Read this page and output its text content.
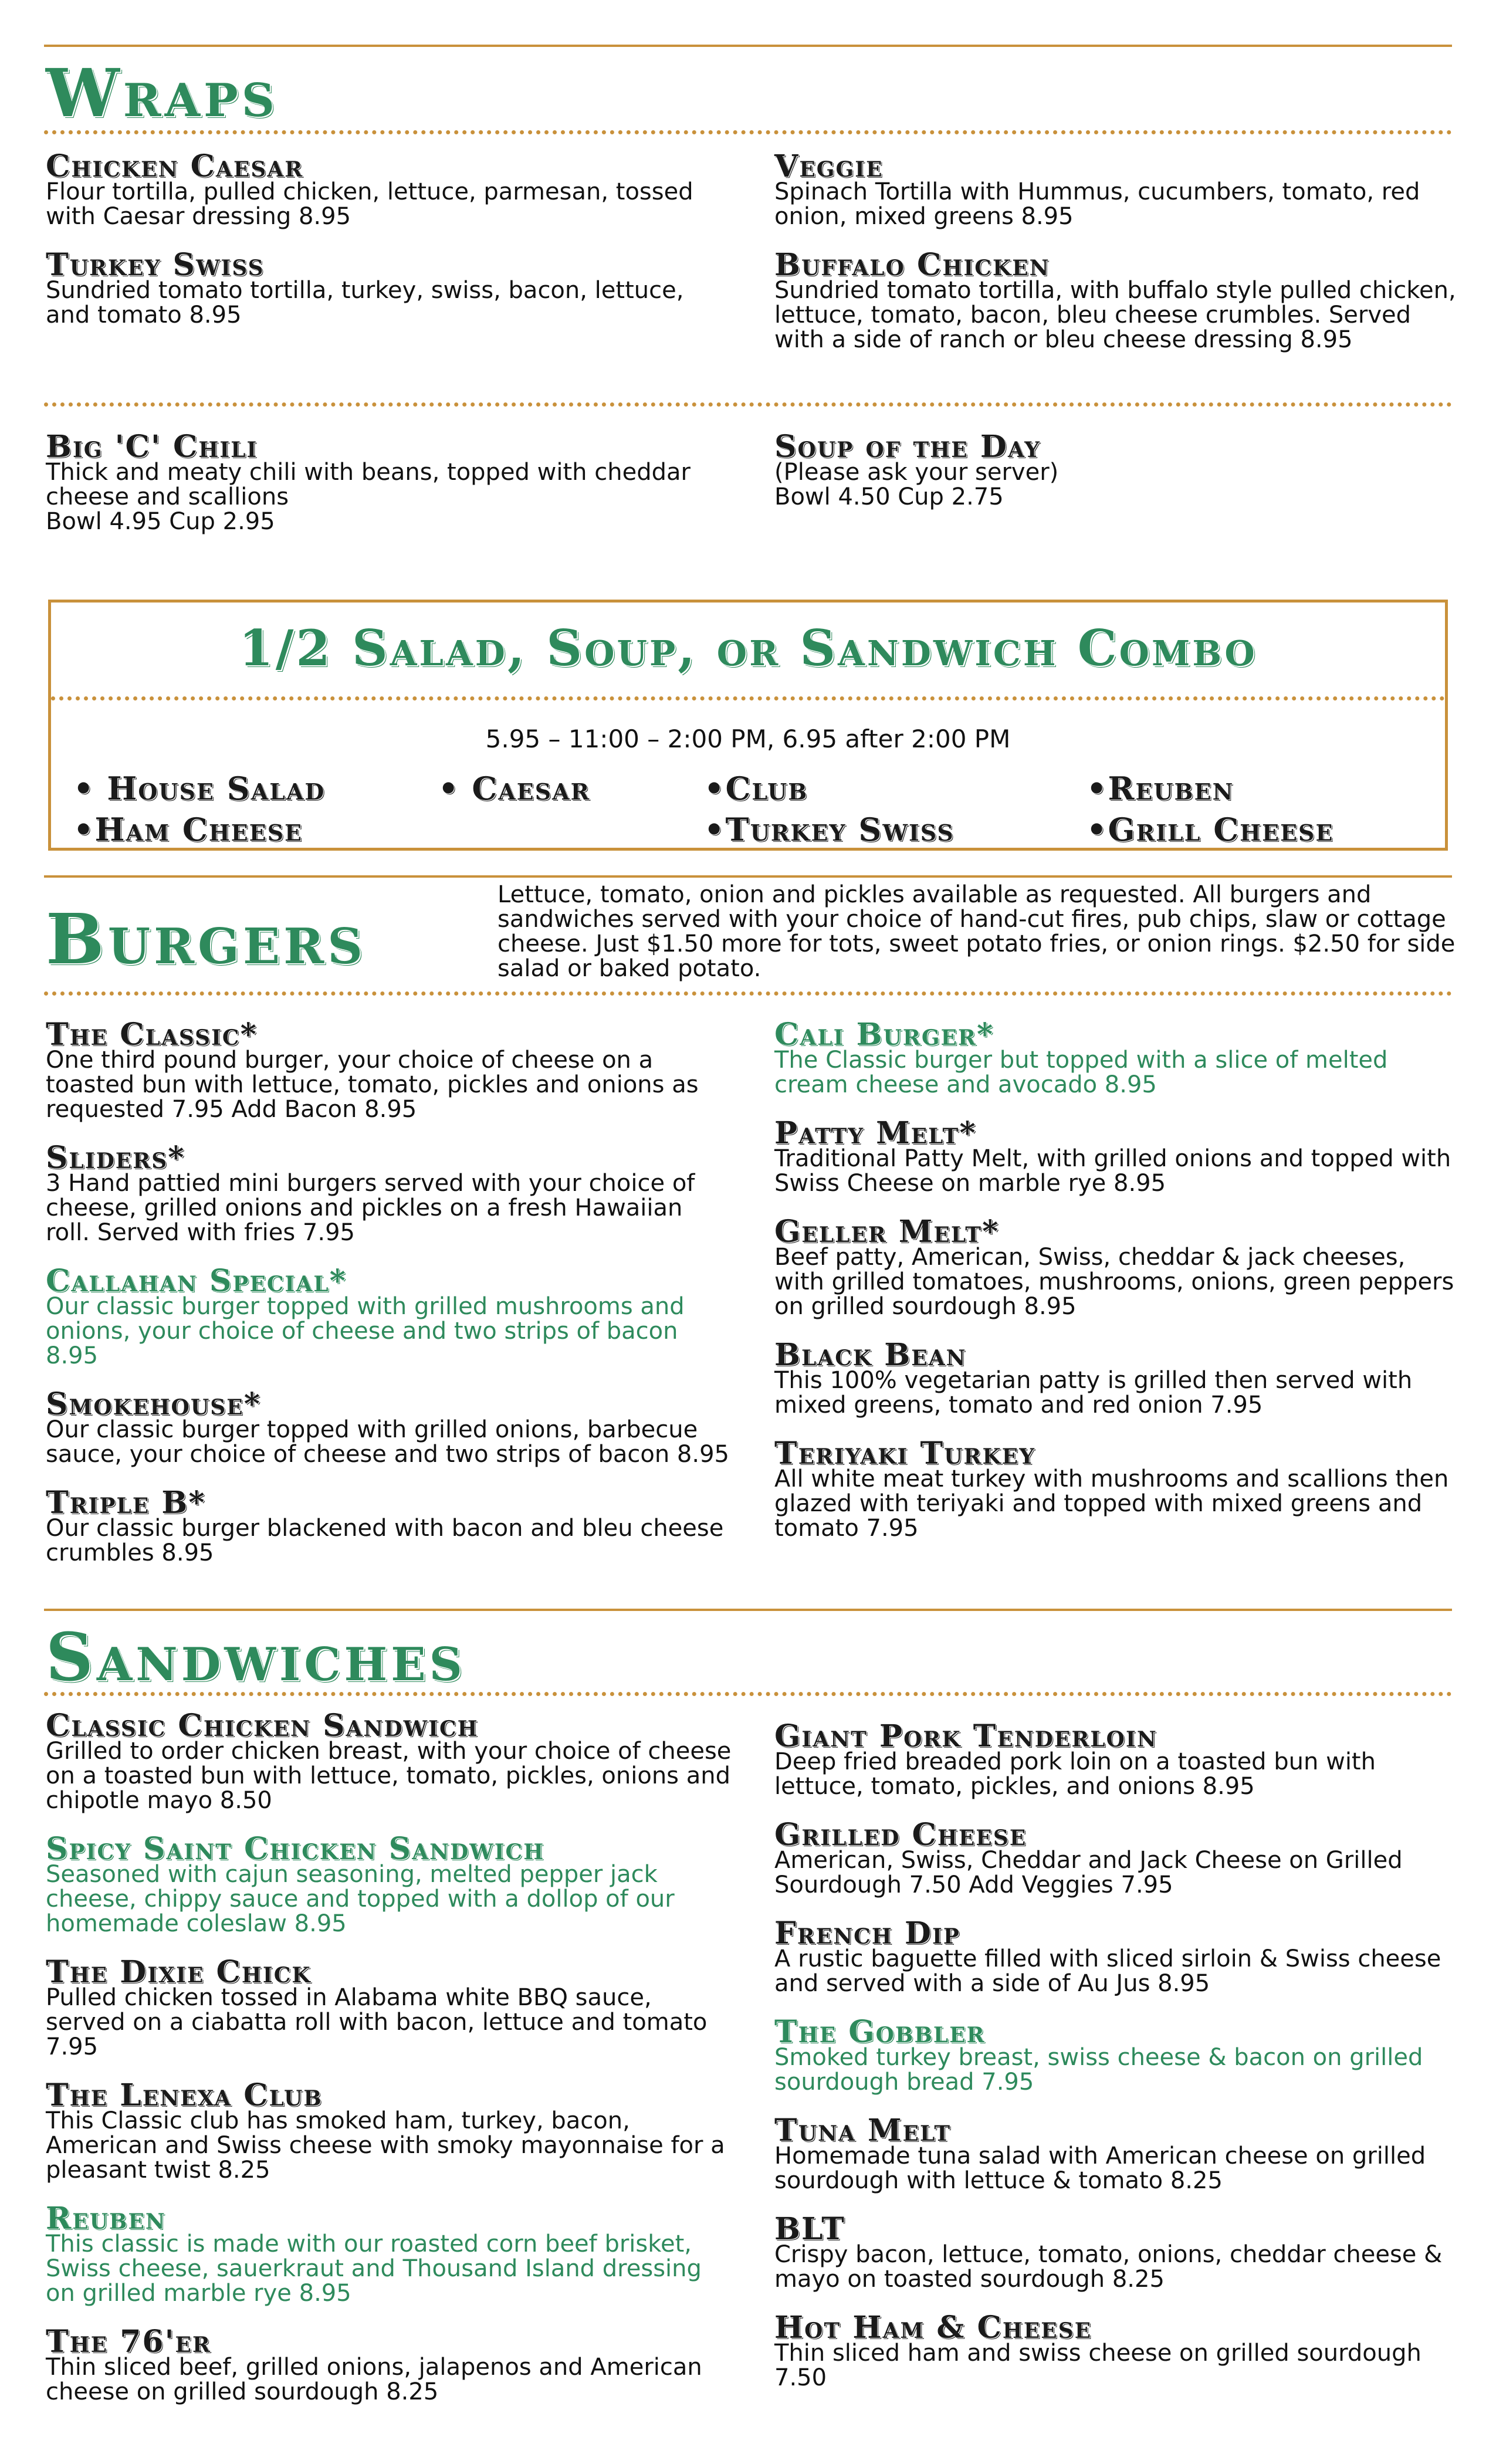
Wraps
Chicken Caesar
Flour tortilla, pulled chicken, lettuce, parmesan, tossed with Caesar dressing 8.95
Turkey Swiss
Sundried tomato tortilla, turkey, swiss, bacon, lettuce, and tomato 8.95
Veggie
Spinach Tortilla with Hummus, cucumbers, tomato, red onion, mixed greens 8.95
Buffalo Chicken
Sundried tomato tortilla, with buffalo style pulled chicken, lettuce, tomato, bacon, bleu cheese crumbles. Served with a side of ranch or bleu cheese dressing 8.95
Big 'C' Chili
Thick and meaty chili with beans, topped with cheddar cheese and scallions
Bowl 4.95 Cup 2.95
Soup of the Day
(Please ask your server)
Bowl 4.50 Cup 2.75
1/2 Salad, Soup, or Sandwich Combo
5.95 – 11:00 – 2:00 PM, 6.95 after 2:00 PM
• House Salad	• Caesar	•Club	•Reuben
•Ham Cheese	•Turkey Swiss	•Grill Cheese
Burgers
Lettuce, tomato, onion and pickles available as requested. All burgers and sandwiches served with your choice of hand-cut fires, pub chips, slaw or cottage cheese. Just $1.50 more for tots, sweet potato fries, or onion rings. $2.50 for side salad or baked potato.
The Classic*
One third pound burger, your choice of cheese on a toasted bun with lettuce, tomato, pickles and onions as requested 7.95 Add Bacon 8.95
Sliders*
3 Hand pattied mini burgers served with your choice of cheese, grilled onions and pickles on a fresh Hawaiian roll. Served with fries 7.95
Callahan Special*
Our classic burger topped with grilled mushrooms and onions, your choice of cheese and two strips of bacon 8.95
Smokehouse*
Our classic burger topped with grilled onions, barbecue sauce, your choice of cheese and two strips of bacon 8.95
Triple B*
Our classic burger blackened with bacon and bleu cheese crumbles 8.95
Cali Burger*
The Classic burger but topped with a slice of melted cream cheese and avocado 8.95
Patty Melt*
Traditional Patty Melt, with grilled onions and topped with Swiss Cheese on marble rye 8.95
Geller Melt*
Beef patty, American, Swiss, cheddar & jack cheeses, with grilled tomatoes, mushrooms, onions, green peppers on grilled sourdough 8.95
Black Bean
This 100% vegetarian patty is grilled then served with mixed greens, tomato and red onion 7.95
Teriyaki Turkey
All white meat turkey with mushrooms and scallions then glazed with teriyaki and topped with mixed greens and tomato 7.95
Sandwiches
Classic Chicken Sandwich
Grilled to order chicken breast, with your choice of cheese on a toasted bun with lettuce, tomato, pickles, onions and chipotle mayo 8.50
Spicy Saint Chicken Sandwich
Seasoned with cajun seasoning, melted pepper jack cheese, chippy sauce and topped with a dollop of our homemade coleslaw 8.95
The Dixie Chick
Pulled chicken tossed in Alabama white BBQ sauce, served on a ciabatta roll with bacon, lettuce and tomato 7.95
The Lenexa Club
This Classic club has smoked ham, turkey, bacon, American and Swiss cheese with smoky mayonnaise for a pleasant twist 8.25
Reuben
This classic is made with our roasted corn beef brisket, Swiss cheese, sauerkraut and Thousand Island dressing on grilled marble rye 8.95
The 76'er
Thin sliced beef, grilled onions, jalapenos and American cheese on grilled sourdough 8.25
Giant Pork Tenderloin
Deep fried breaded pork loin on a toasted bun with lettuce, tomato, pickles, and onions 8.95
Grilled Cheese
American, Swiss, Cheddar and Jack Cheese on Grilled Sourdough 7.50 Add Veggies 7.95
French Dip
A rustic baguette filled with sliced sirloin & Swiss cheese and served with a side of Au Jus 8.95
The Gobbler
Smoked turkey breast, swiss cheese & bacon on grilled sourdough bread 7.95
Tuna Melt
Homemade tuna salad with American cheese on grilled sourdough with lettuce & tomato 8.25
BLT
Crispy bacon, lettuce, tomato, onions, cheddar cheese & mayo on toasted sourdough 8.25
Hot Ham & Cheese
Thin sliced ham and swiss cheese on grilled sourdough 7.50
